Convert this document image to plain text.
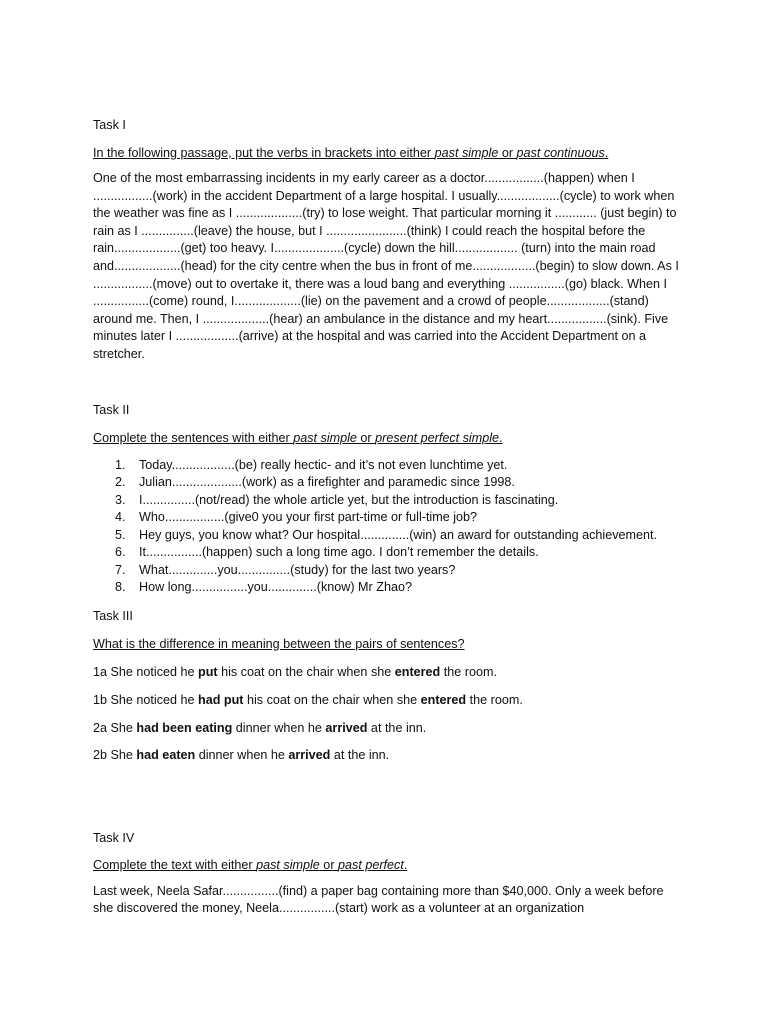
Task I

In the following passage, put the verbs in brackets into either past simple or past continuous.

One of the most embarrassing incidents in my early career as a doctor.................(happen) when I .................(work) in the accident Department of a large hospital. I usually..................(cycle) to work when the weather was fine as I ...................(try) to lose weight. That particular morning it ............ (just begin) to rain as I ...............(leave) the house, but I .......................(think) I could reach the hospital before the rain...................(get) too heavy. I....................(cycle) down the hill.................. (turn) into the main road and...................(head) for the city centre when the bus in front of me..................(begin) to slow down. As I .................(move) out to overtake it, there was a loud bang and everything ................(go) black. When I ................(come) round, I...................(lie) on the pavement and a crowd of people..................(stand) around me. Then, I ...................(hear) an ambulance in the distance and my heart.................(sink). Five minutes later I ..................(arrive) at the hospital and was carried into the Accident Department on a stretcher.

Task II

Complete the sentences with either past simple or present perfect simple.

1. Today..................(be) really hectic- and it’s not even lunchtime yet.
2. Julian....................(work) as a firefighter and paramedic since 1998.
3. I...............(not/read) the whole article yet, but the introduction is fascinating.
4. Who.................(give0 you your first part-time or full-time job?
5. Hey guys, you know what? Our hospital..............(win) an award for outstanding achievement.
6. It................(happen) such a long time ago. I don’t remember the details.
7. What..............you...............(study) for the last two years?
8. How long................you..............(know) Mr Zhao?

Task III

What is the difference in meaning between the pairs of sentences?

1a She noticed he put his coat on the chair when she entered the room.

1b She noticed he had put his coat on the chair when she entered the room.

2a She had been eating dinner when he arrived at the inn.

2b She had eaten dinner when he arrived at the inn.

Task IV

Complete the text with either past simple or past perfect.

Last week, Neela Safar................(find) a paper bag containing more than $40,000. Only a week before she discovered the money, Neela................(start) work as a volunteer at an organization
